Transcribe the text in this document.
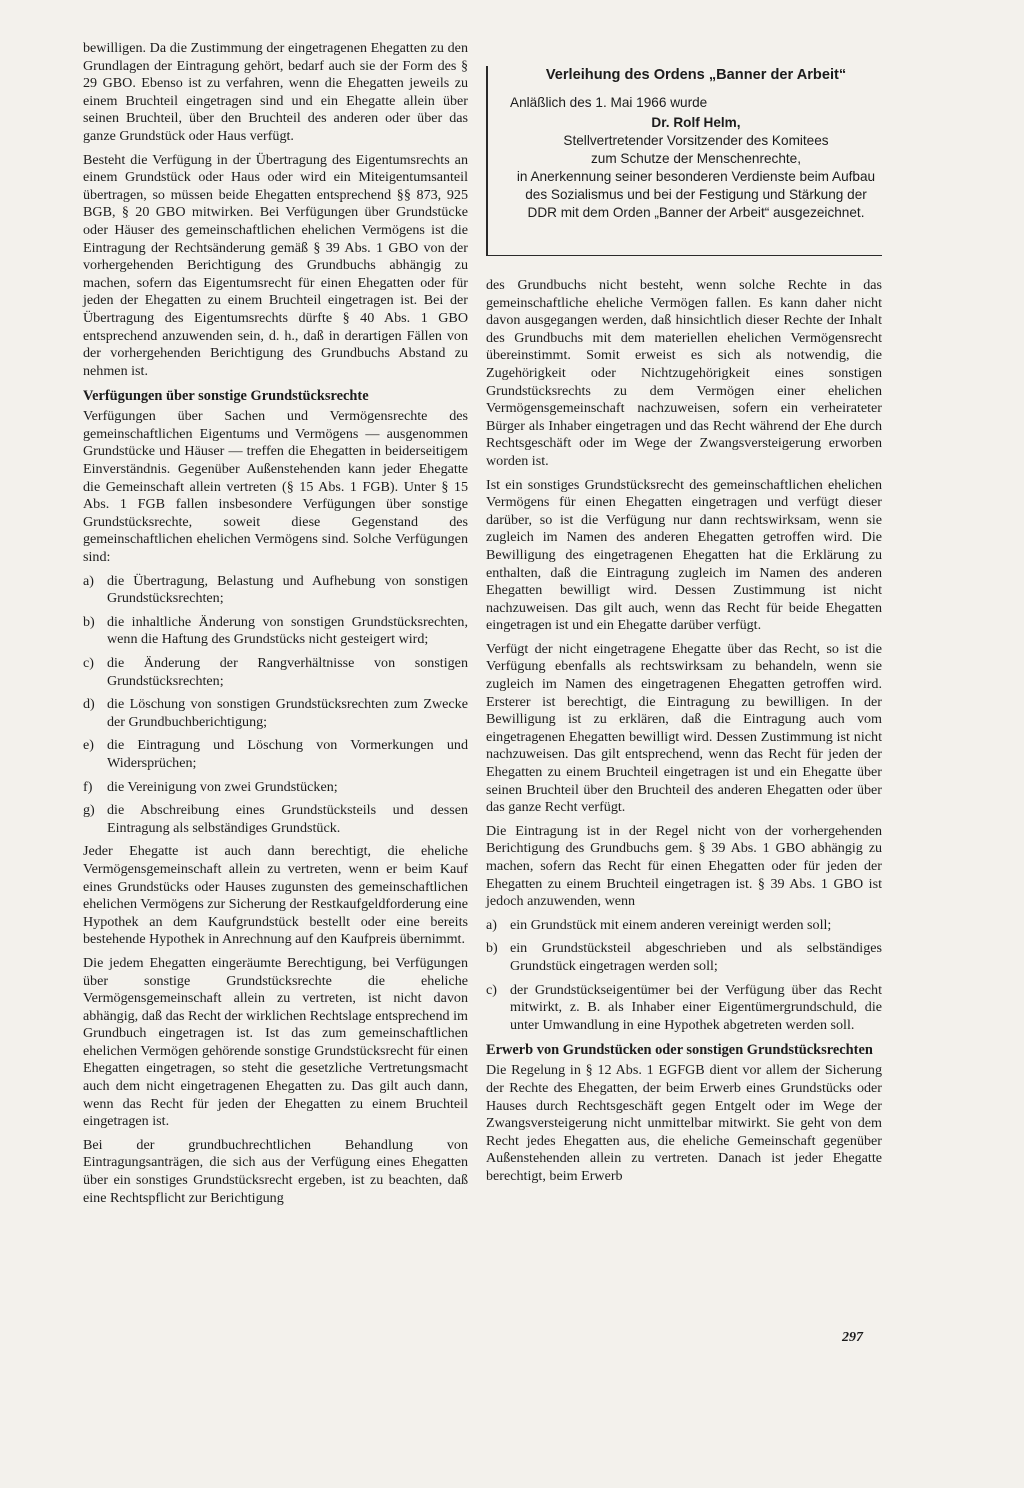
bewilligen. Da die Zustimmung der eingetragenen Ehegatten zu den Grundlagen der Eintragung gehört, bedarf auch sie der Form des § 29 GBO. Ebenso ist zu verfahren, wenn die Ehegatten jeweils zu einem Bruchteil eingetragen sind und ein Ehegatte allein über seinen Bruchteil, über den Bruchteil des anderen oder über das ganze Grundstück oder Haus verfügt.

Besteht die Verfügung in der Übertragung des Eigentumsrechts an einem Grundstück oder Haus oder wird ein Miteigentumsanteil übertragen, so müssen beide Ehegatten entsprechend §§ 873, 925 BGB, § 20 GBO mitwirken. Bei Verfügungen über Grundstücke oder Häuser des gemeinschaftlichen ehelichen Vermögens ist die Eintragung der Rechtsänderung gemäß § 39 Abs. 1 GBO von der vorhergehenden Berichtigung des Grundbuchs abhängig zu machen, sofern das Eigentumsrecht für einen Ehegatten oder für jeden der Ehegatten zu einem Bruchteil eingetragen ist. Bei der Übertragung des Eigentumsrechts dürfte § 40 Abs. 1 GBO entsprechend anzuwenden sein, d. h., daß in derartigen Fällen von der vorhergehenden Berichtigung des Grundbuchs Abstand zu nehmen ist.

Verfügungen über sonstige Grundstücksrechte

Verfügungen über Sachen und Vermögensrechte des gemeinschaftlichen Eigentums und Vermögens — ausgenommen Grundstücke und Häuser — treffen die Ehegatten in beiderseitigem Einverständnis. Gegenüber Außenstehenden kann jeder Ehegatte die Gemeinschaft allein vertreten (§ 15 Abs. 1 FGB). Unter § 15 Abs. 1 FGB fallen insbesondere Verfügungen über sonstige Grundstücksrechte, soweit diese Gegenstand des gemeinschaftlichen ehelichen Vermögens sind. Solche Verfügungen sind:

a) die Übertragung, Belastung und Aufhebung von sonstigen Grundstücksrechten;
b) die inhaltliche Änderung von sonstigen Grundstücksrechten, wenn die Haftung des Grundstücks nicht gesteigert wird;
c) die Änderung der Rangverhältnisse von sonstigen Grundstücksrechten;
d) die Löschung von sonstigen Grundstücksrechten zum Zwecke der Grundbuchberichtigung;
e) die Eintragung und Löschung von Vormerkungen und Widersprüchen;
f)	die Vereinigung von zwei Grundstücken;
g) die Abschreibung eines Grundstücksteils und dessen Eintragung als selbständiges Grundstück.

Jeder Ehegatte ist auch dann berechtigt, die eheliche Vermögensgemeinschaft allein zu vertreten, wenn er beim Kauf eines Grundstücks oder Hauses zugunsten des gemeinschaftlichen ehelichen Vermögens zur Sicherung der Restkaufgeldforderung eine Hypothek an dem Kaufgrundstück bestellt oder eine bereits bestehende Hypothek in Anrechnung auf den Kaufpreis übernimmt.

Die jedem Ehegatten eingeräumte Berechtigung, bei Verfügungen über sonstige Grundstücksrechte die eheliche Vermögensgemeinschaft allein zu vertreten, ist nicht davon abhängig, daß das Recht der wirklichen Rechtslage entsprechend im Grundbuch eingetragen ist. Ist das zum gemeinschaftlichen ehelichen Vermögen gehörende sonstige Grundstücksrecht für einen Ehegatten eingetragen, so steht die gesetzliche Vertretungsmacht auch dem nicht eingetragenen Ehegatten zu. Das gilt auch dann, wenn das Recht für jeden der Ehegatten zu einem Bruchteil eingetragen ist.

Bei der grundbuchrechtlichen Behandlung von Eintragungsanträgen, die sich aus der Verfügung eines Ehegatten über ein sonstiges Grundstücksrecht ergeben, ist zu beachten, daß eine Rechtspflicht zur Berichtigung

Verleihung des Ordens „Banner der Arbeit“

Anläßlich des 1. Mai 1966 wurde

Dr. Rolf Helm,

Stellvertretender Vorsitzender des Komitees

zum Schutze der Menschenrechte,

in Anerkennung seiner besonderen Verdienste beim Aufbau des Sozialismus und bei der Festigung und Stärkung der DDR mit dem Orden „Banner der Arbeit“ ausgezeichnet.

des Grundbuchs nicht besteht, wenn solche Rechte in das gemeinschaftliche eheliche Vermögen fallen. Es kann daher nicht davon ausgegangen werden, daß hinsichtlich dieser Rechte der Inhalt des Grundbuchs mit dem materiellen ehelichen Vermögensrecht übereinstimmt. Somit erweist es sich als notwendig, die Zugehörigkeit oder Nichtzugehörigkeit eines sonstigen Grundstücksrechts zu dem Vermögen einer ehelichen Vermögensgemeinschaft nachzuweisen, sofern ein verheirateter Bürger als Inhaber eingetragen und das Recht während der Ehe durch Rechtsgeschäft oder im Wege der Zwangsversteigerung erworben worden ist.

Ist ein sonstiges Grundstücksrecht des gemeinschaftlichen ehelichen Vermögens für einen Ehegatten eingetragen und verfügt dieser darüber, so ist die Verfügung nur dann rechtswirksam, wenn sie zugleich im Namen des anderen Ehegatten getroffen wird. Die Bewilligung des eingetragenen Ehegatten hat die Erklärung zu enthalten, daß die Eintragung zugleich im Namen des anderen Ehegatten bewilligt wird. Dessen Zustimmung ist nicht nachzuweisen. Das gilt auch, wenn das Recht für beide Ehegatten eingetragen ist und ein Ehegatte darüber verfügt.

Verfügt der nicht eingetragene Ehegatte über das Recht, so ist die Verfügung ebenfalls als rechtswirksam zu behandeln, wenn sie zugleich im Namen des eingetragenen Ehegatten getroffen wird. Ersterer ist berechtigt, die Eintragung zu bewilligen. In der Bewilligung ist zu erklären, daß die Eintragung auch vom eingetragenen Ehegatten bewilligt wird. Dessen Zustimmung ist nicht nachzuweisen. Das gilt entsprechend, wenn das Recht für jeden der Ehegatten zu einem Bruchteil eingetragen ist und ein Ehegatte über seinen Bruchteil über den Bruchteil des anderen Ehegatten oder über das ganze Recht verfügt.

Die Eintragung ist in der Regel nicht von der vorhergehenden Berichtigung des Grundbuchs gem. § 39 Abs. 1 GBO abhängig zu machen, sofern das Recht für einen Ehegatten oder für jeden der Ehegatten zu einem Bruchteil eingetragen ist. § 39 Abs. 1 GBO ist jedoch anzuwenden, wenn

a) ein Grundstück mit einem anderen vereinigt werden soll;
b) ein Grundstücksteil abgeschrieben und als selbständiges Grundstück eingetragen werden soll;
c) der Grundstückseigentümer bei der Verfügung über das Recht mitwirkt, z. B. als Inhaber einer Eigentümergrundschuld, die unter Umwandlung in eine Hypothek abgetreten werden soll.
Erwerb von Grundstücken oder sonstigen Grundstücksrechten

Die Regelung in § 12 Abs. 1 EGFGB dient vor allem der Sicherung der Rechte des Ehegatten, der beim Erwerb eines Grundstücks oder Hauses durch Rechtsgeschäft gegen Entgelt oder im Wege der Zwangsversteigerung nicht unmittelbar mitwirkt. Sie geht von dem Recht jedes Ehegatten aus, die eheliche Gemeinschaft gegenüber Außenstehenden allein zu vertreten. Danach ist jeder Ehegatte berechtigt, beim Erwerb

297
